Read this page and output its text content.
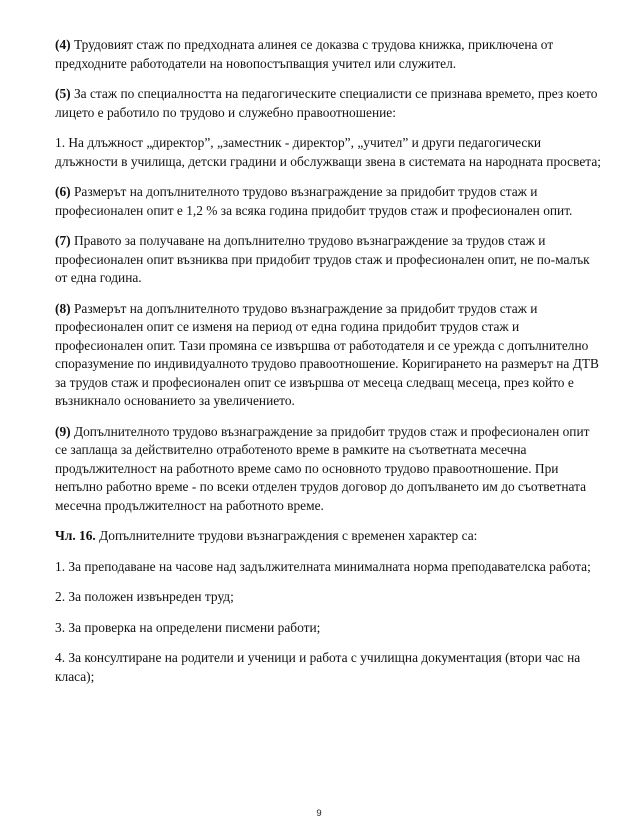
(4) Трудовият стаж по предходната алинея се доказва с трудова книжка, приключена от предходните работодатели на новопостъпващия учител или служител.

(5) За стаж по специалността на педагогическите специалисти се признава времето, през което лицето е работило по трудово и служебно правоотношение:

1. На длъжност „директор”, „заместник - директор”, „учител” и други педагогически длъжности в училища, детски градини и обслужващи звена в системата на народната просвета;

(6) Размерът на допълнителното трудово възнаграждение за придобит трудов стаж и професионален опит е 1,2 % за всяка година придобит трудов стаж и професионален опит.

(7) Правото за получаване на допълнително трудово възнаграждение за трудов стаж и професионален опит възниква при придобит трудов стаж и професионален опит, не по-малък от една година.

(8) Размерът на допълнителното трудово възнаграждение за придобит трудов стаж и професионален опит се изменя на период от една година придобит трудов стаж и професионален опит. Тази промяна се извършва от работодателя и се урежда с допълнително споразумение по индивидуалното трудово правоотношение. Коригирането на размерът на ДТВ за трудов стаж и професионален опит се извършва от месеца следващ месеца, през който е възникнало основанието за увеличението.

(9) Допълнителното трудово възнаграждение за придобит трудов стаж и професионален опит се заплаща за действително отработеното време в рамките на съответната месечна продължителност на работното време само по основното трудово правоотношение. При непълно работно време - по всеки отделен трудов договор до допълването им до съответната месечна продължителност на работното време.

Чл. 16. Допълнителните трудови възнаграждения с временен характер са:

1. За преподаване на часове над задължителната минималната норма преподавателска работа;

2. За положен извънреден труд;

3. За проверка на определени писмени работи;

4. За консултиране на родители и ученици и работа с училищна документация (втори час на класа);

9
